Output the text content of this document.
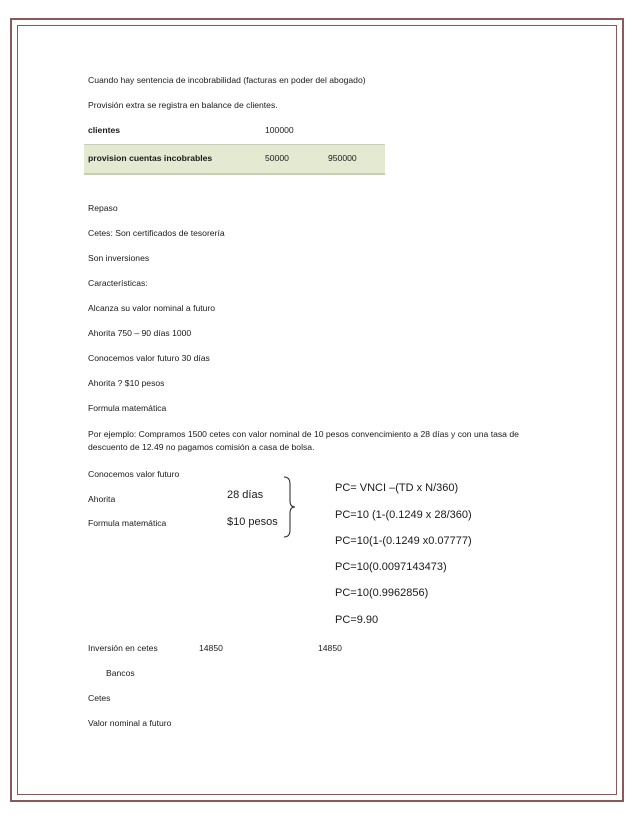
Cuando hay sentencia de incobrabilidad (facturas en poder del abogado)
Provisión extra se registra en balance de clientes.
clientes	100000
provision cuentas incobrables	50000	950000
Repaso
Cetes: Son certificados de tesorería
Son inversiones
Características:
Alcanza su valor nominal a futuro
Ahorita 750 – 90 días 1000
Conocemos valor futuro 30 días
Ahorita ? $10 pesos
Formula matemática
Por ejemplo: Compramos 1500 cetes con valor nominal de 10 pesos convencimiento a 28 días y con una tasa de descuento de 12.49 no pagamos comisión a casa de bolsa.
Conocemos valor futuro
Ahorita
Formula matemática
28 días
$10 pesos
PC= VNCI –(TD x N/360)
PC=10 (1-(0.1249 x 28/360)
PC=10(1-(0.1249 x0.07777)
PC=10(0.0097143473)
PC=10(0.9962856)
PC=9.90
Inversión en cetes	14850	14850
Bancos
Cetes
Valor nominal a futuro
